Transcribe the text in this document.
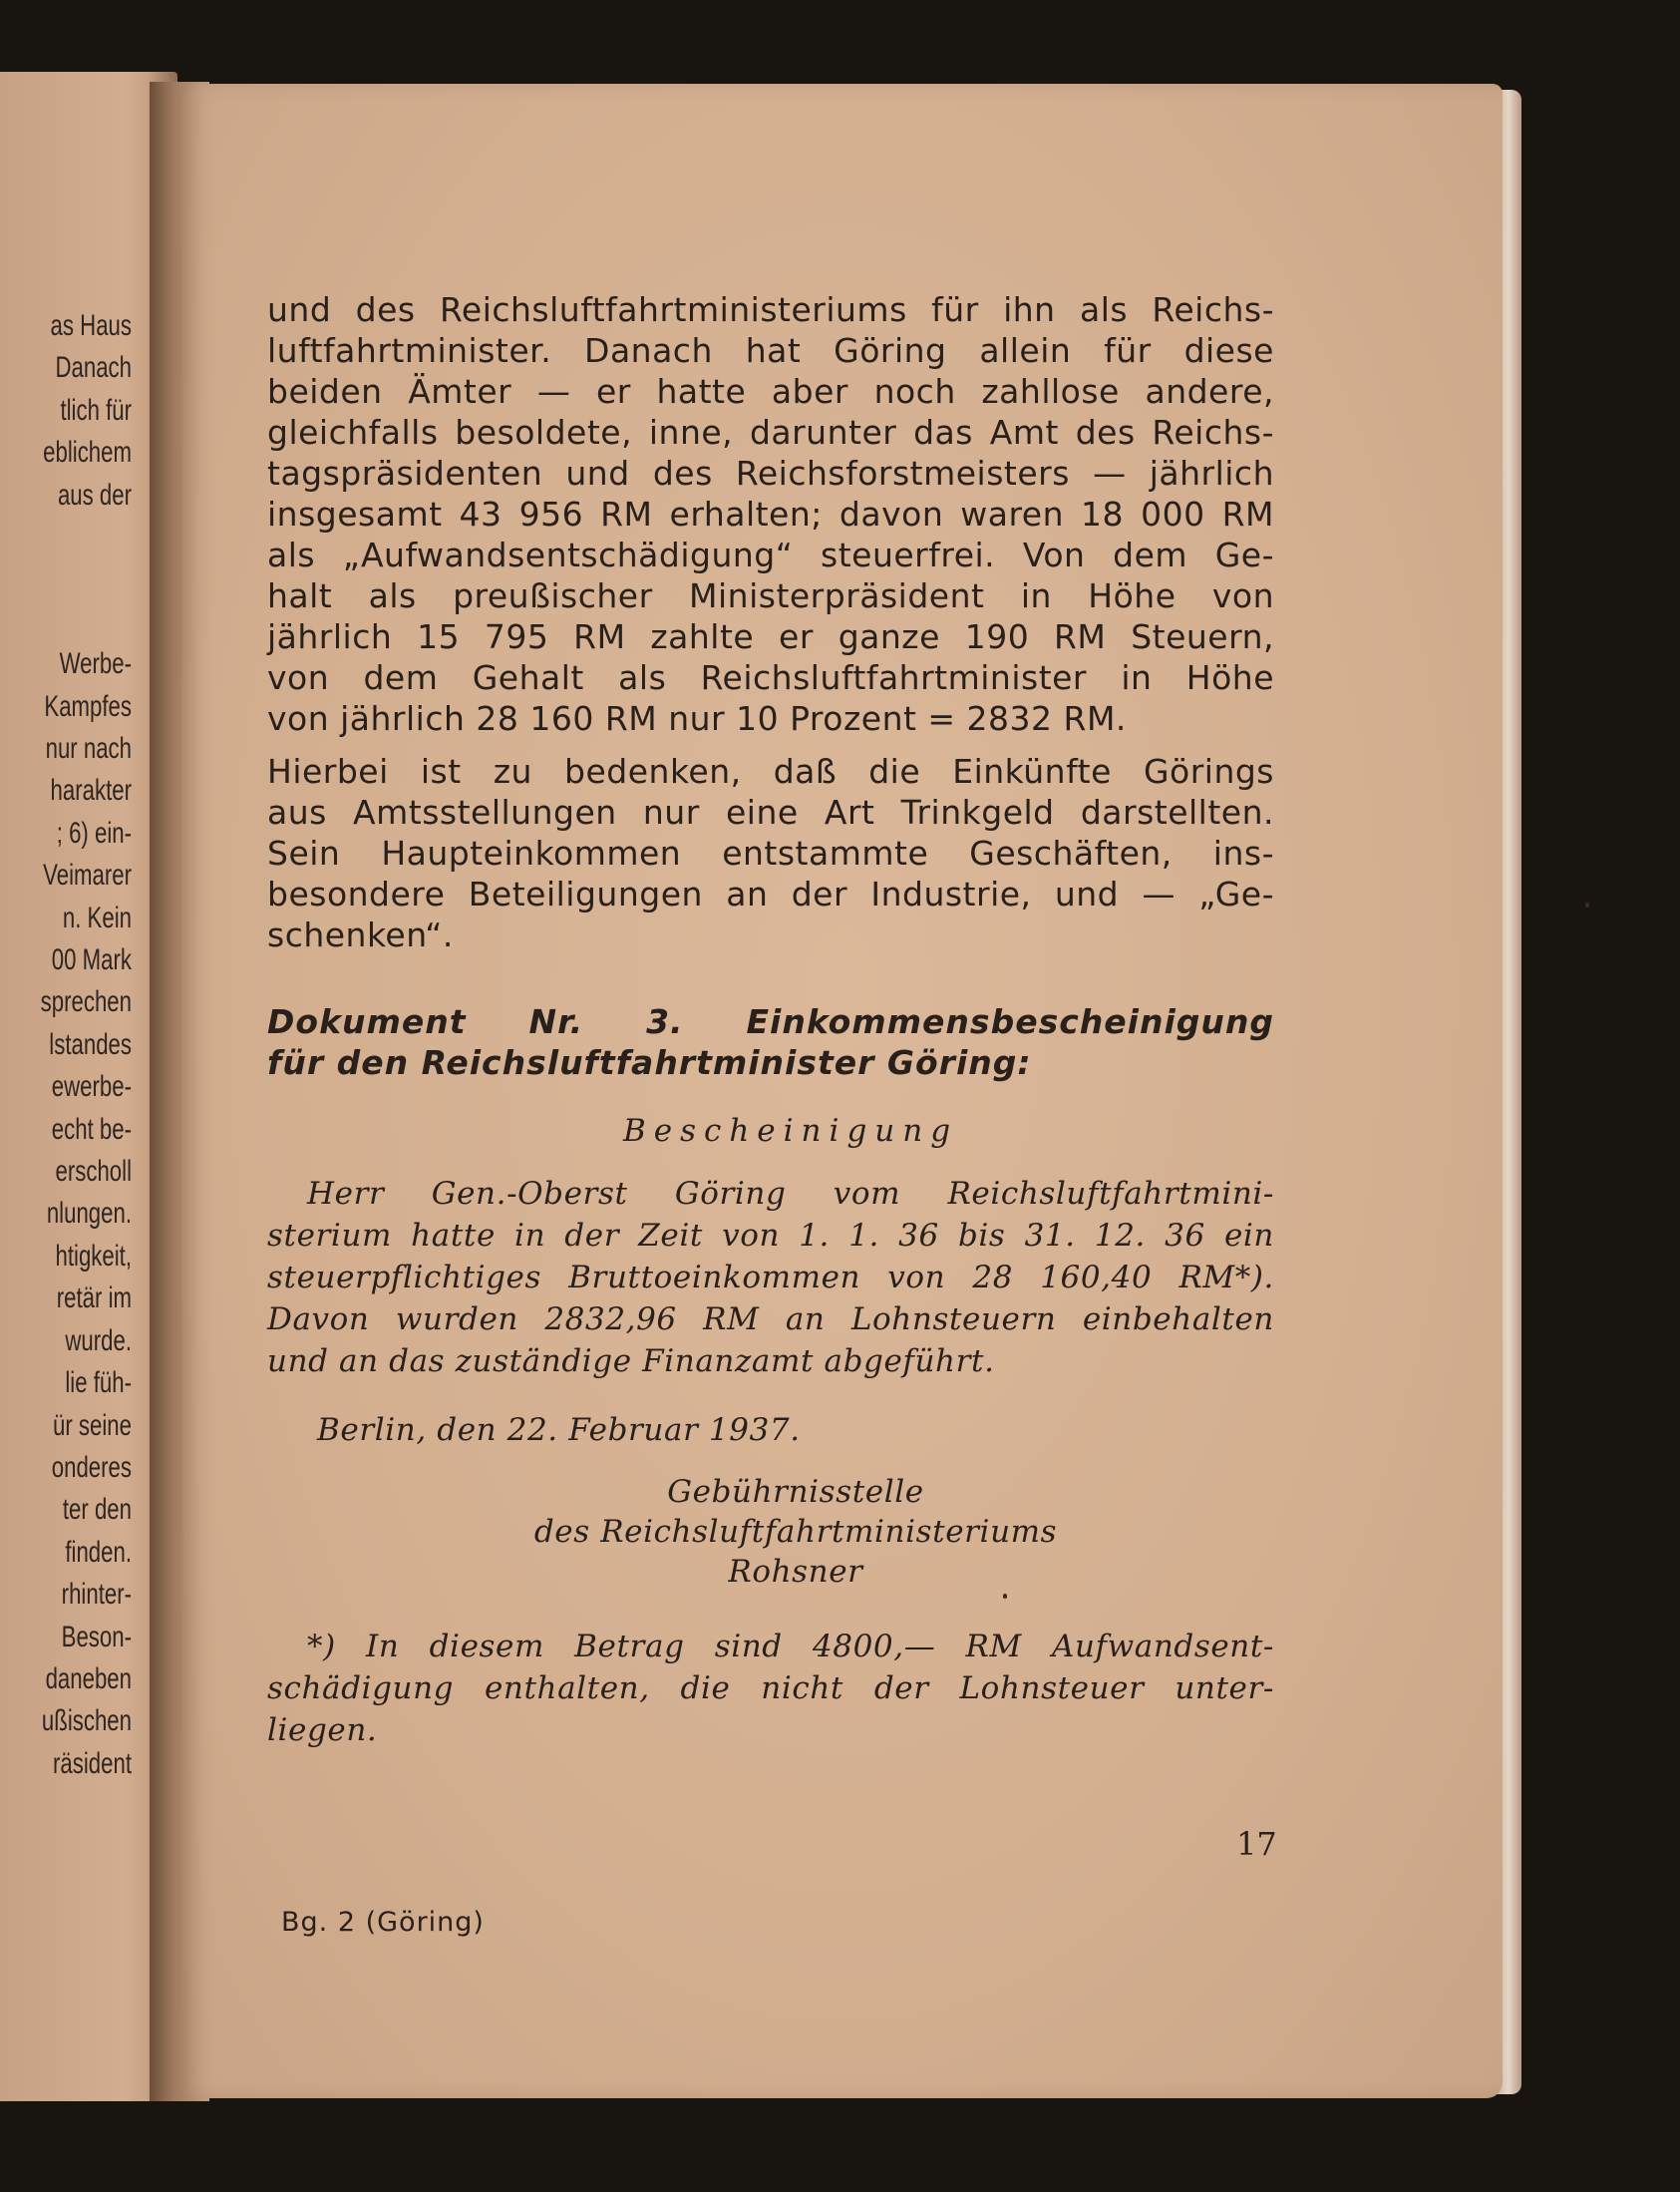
as Haus
Danach
tlich für
eblichem
aus der
Werbe-
Kampfes
nur nach
harakter
; 6) ein-
Veimarer
n. Kein
00 Mark
sprechen
lstandes
ewerbe-
echt be-
erscholl
nlungen.
htigkeit,
retär im
wurde.
lie füh-
ür seine
onderes
ter den
finden.
rhinter-
Beson-
daneben
ußischen
räsident

und des Reichsluftfahrtministeriums für ihn als Reichs-

luftfahrtminister. Danach hat Göring allein für diese

beiden Ämter — er hatte aber noch zahllose andere,

gleichfalls besoldete, inne, darunter das Amt des Reichs-

tagspräsidenten und des Reichsforstmeisters — jährlich

insgesamt 43 956 RM erhalten; davon waren 18 000 RM

als „Aufwandsentschädigung“ steuerfrei. Von dem Ge-

halt als preußischer Ministerpräsident in Höhe von

jährlich 15 795 RM zahlte er ganze 190 RM Steuern,

von dem Gehalt als Reichsluftfahrtminister in Höhe

von jährlich 28 160 RM nur 10 Prozent = 2832 RM.

Hierbei ist zu bedenken, daß die Einkünfte Görings

aus Amtsstellungen nur eine Art Trinkgeld darstellten.

Sein Haupteinkommen entstammte Geschäften, ins-

besondere Beteiligungen an der Industrie, und — „Ge-

schenken“.

Dokument Nr. 3. Einkommensbescheinigung
für den Reichsluftfahrtminister Göring:
Bescheinigung

Herr Gen.-Oberst Göring vom Reichsluftfahrtmini-

sterium hatte in der Zeit von 1. 1. 36 bis 31. 12. 36 ein

steuerpflichtiges Bruttoeinkommen von 28 160,40 RM*).

Davon wurden 2832,96 RM an Lohnsteuern einbehalten

und an das zuständige Finanzamt abgeführt.

Berlin, den 22. Februar 1937.
Gebührnisstelle
des Reichsluftfahrtministeriums
Rohsner

*) In diesem Betrag sind 4800,— RM Aufwandsent-

schädigung enthalten, die nicht der Lohnsteuer unter-

liegen.

17
Bg. 2 (Göring)
